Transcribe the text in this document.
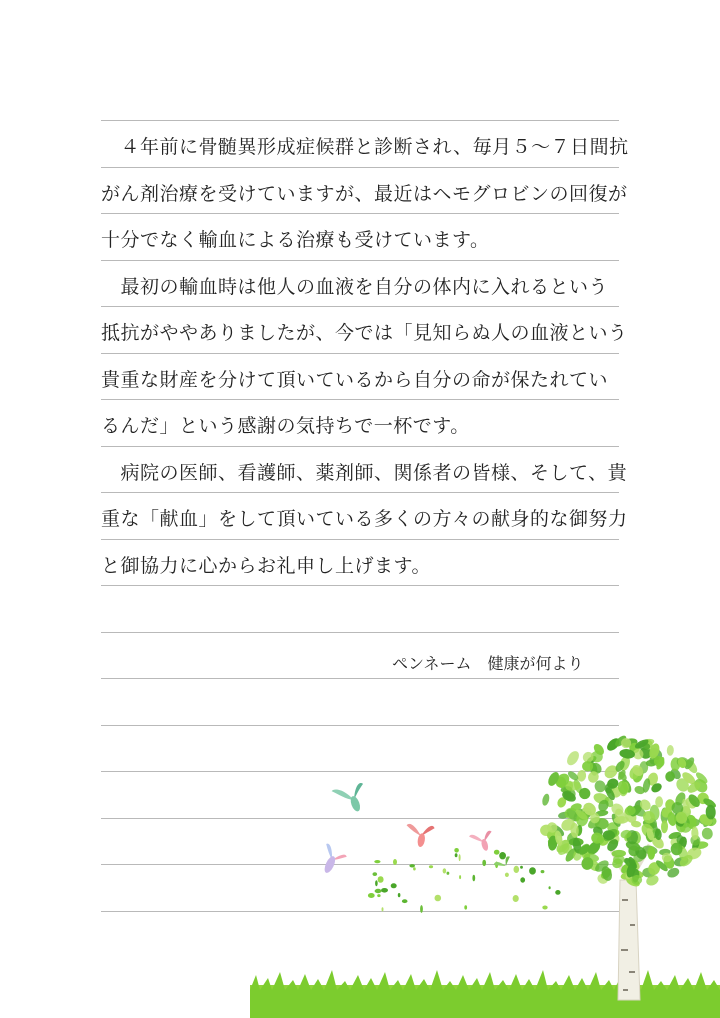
　４年前に骨髄異形成症候群と診断され、毎月５～７日間抗
がん剤治療を受けていますが、最近はヘモグロビンの回復が
十分でなく輸血による治療も受けています。
　最初の輸血時は他人の血液を自分の体内に入れるという
抵抗がややありましたが、今では「見知らぬ人の血液という
貴重な財産を分けて頂いているから自分の命が保たれてい
るんだ」という感謝の気持ちで一杯です。
　病院の医師、看護師、薬剤師、関係者の皆様、そして、貴
重な「献血」をして頂いている多くの方々の献身的な御努力
と御協力に心からお礼申し上げます。
ペンネーム　健康が何より
